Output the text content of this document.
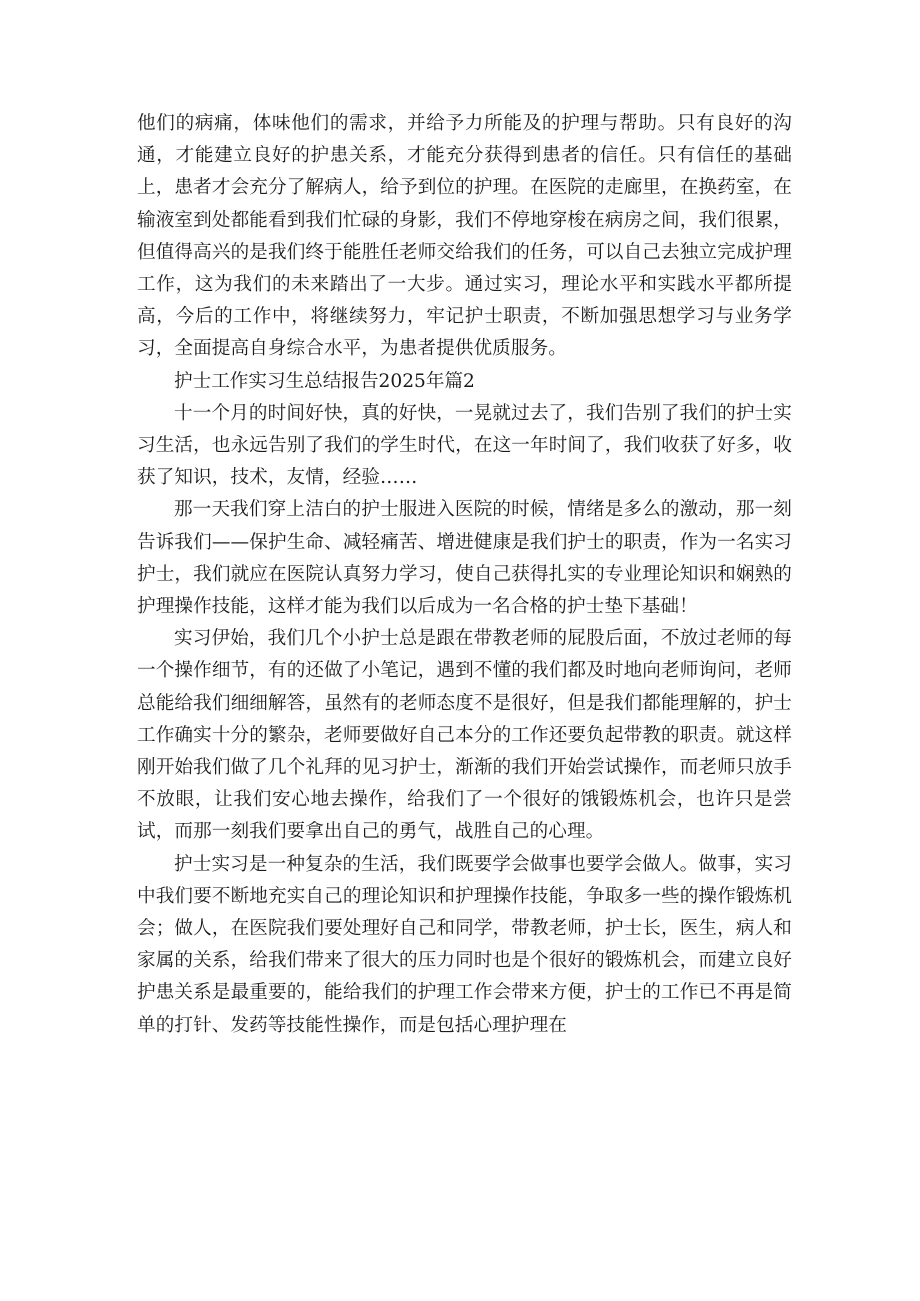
他们的病痛，体味他们的需求，并给予力所能及的护理与帮助。只有良好的沟通，才能建立良好的护患关系，才能充分获得到患者的信任。只有信任的基础上，患者才会充分了解病人，给予到位的护理。在医院的走廊里，在换药室，在输液室到处都能看到我们忙碌的身影，我们不停地穿梭在病房之间，我们很累，但值得高兴的是我们终于能胜任老师交给我们的任务，可以自己去独立完成护理工作，这为我们的未来踏出了一大步。通过实习，理论水平和实践水平都所提高，今后的工作中，将继续努力，牢记护士职责，不断加强思想学习与业务学习，全面提高自身综合水平，为患者提供优质服务。

护士工作实习生总结报告2025年篇2

十一个月的时间好快，真的好快，一晃就过去了，我们告别了我们的护士实习生活，也永远告别了我们的学生时代，在这一年时间了，我们收获了好多，收获了知识，技术，友情，经验……

那一天我们穿上洁白的护士服进入医院的时候，情绪是多么的激动，那一刻告诉我们——保护生命、减轻痛苦、增进健康是我们护士的职责，作为一名实习护士，我们就应在医院认真努力学习，使自己获得扎实的专业理论知识和娴熟的护理操作技能，这样才能为我们以后成为一名合格的护士垫下基础！

实习伊始，我们几个小护士总是跟在带教老师的屁股后面，不放过老师的每一个操作细节，有的还做了小笔记，遇到不懂的我们都及时地向老师询问，老师总能给我们细细解答，虽然有的老师态度不是很好，但是我们都能理解的，护士工作确实十分的繁杂，老师要做好自己本分的工作还要负起带教的职责。就这样刚开始我们做了几个礼拜的见习护士，渐渐的我们开始尝试操作，而老师只放手不放眼，让我们安心地去操作，给我们了一个很好的饿锻炼机会，也许只是尝试，而那一刻我们要拿出自己的勇气，战胜自己的心理。

护士实习是一种复杂的生活，我们既要学会做事也要学会做人。做事，实习中我们要不断地充实自己的理论知识和护理操作技能，争取多一些的操作锻炼机会；做人，在医院我们要处理好自己和同学，带教老师，护士长，医生，病人和家属的关系，给我们带来了很大的压力同时也是个很好的锻炼机会，而建立良好护患关系是最重要的，能给我们的护理工作会带来方便，护士的工作已不再是简单的打针、发药等技能性操作，而是包括心理护理在
